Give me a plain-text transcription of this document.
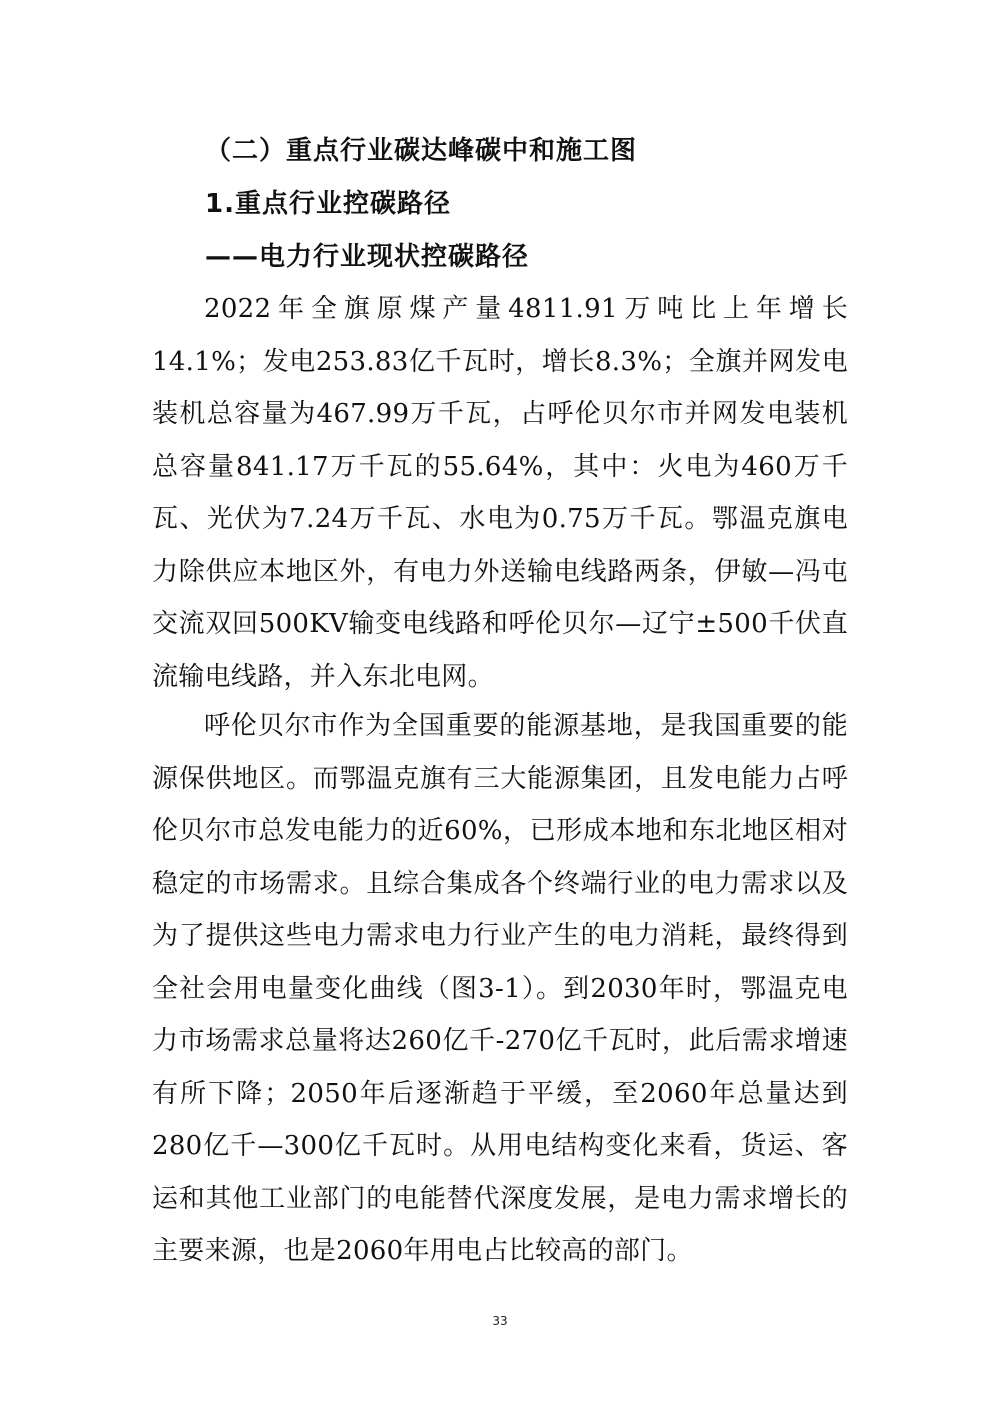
（二）重点行业碳达峰碳中和施工图
1.重点行业控碳路径
——电力行业现状控碳路径

2022年全旗原煤产量4811.91万吨比上年增长14.1%；发电253.83亿千瓦时，增长8.3%；全旗并网发电装机总容量为467.99万千瓦，占呼伦贝尔市并网发电装机总容量841.17万千瓦的55.64%，其中：火电为460万千瓦、光伏为7.24万千瓦、水电为0.75万千瓦。鄂温克旗电力除供应本地区外，有电力外送输电线路两条，伊敏—冯屯交流双回500KV输变电线路和呼伦贝尔—辽宁±500千伏直流输电线路，并入东北电网。

呼伦贝尔市作为全国重要的能源基地，是我国重要的能源保供地区。而鄂温克旗有三大能源集团，且发电能力占呼伦贝尔市总发电能力的近60%，已形成本地和东北地区相对稳定的市场需求。且综合集成各个终端行业的电力需求以及为了提供这些电力需求电力行业产生的电力消耗，最终得到全社会用电量变化曲线（图3-1）。到2030年时，鄂温克电力市场需求总量将达260亿千-270亿千瓦时，此后需求增速有所下降；2050年后逐渐趋于平缓，至2060年总量达到280亿千—300亿千瓦时。从用电结构变化来看，货运、客运和其他工业部门的电能替代深度发展，是电力需求增长的主要来源，也是2060年用电占比较高的部门。

33
